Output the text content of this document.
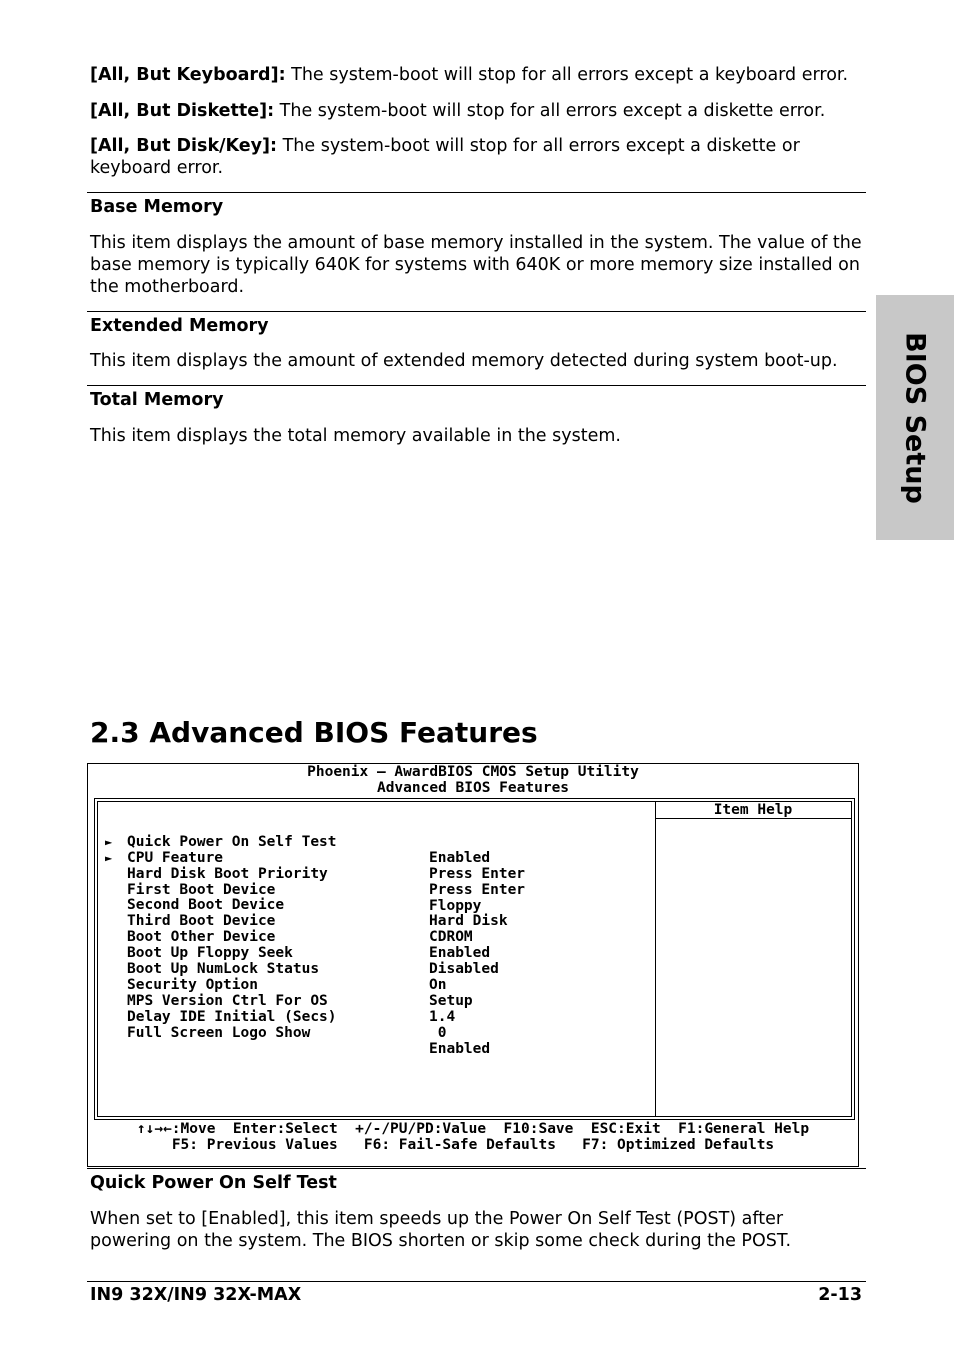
BIOS Setup

[All, But Keyboard]: The system-boot will stop for all errors except a keyboard error.

[All, But Diskette]: The system-boot will stop for all errors except a diskette error.

[All, But Disk/Key]: The system-boot will stop for all errors except a diskette or keyboard error.

Base Memory

This item displays the amount of base memory installed in the system. The value of the base memory is typically 640K for systems with 640K or more memory size installed on the motherboard.

Extended Memory

This item displays the amount of extended memory detected during system boot-up.

Total Memory

This item displays the total memory available in the system.

2.3 Advanced BIOS Features
Phoenix – AwardBIOS CMOS Setup Utility
Advanced BIOS Features
Item Help

Quick Power On Self Test

Enabled

►

CPU Feature

Press Enter

►

Hard Disk Boot Priority

Press Enter

First Boot Device

Floppy

Second Boot Device

Hard Disk

Third Boot Device

CDROM

Boot Other Device

Enabled

Boot Up Floppy Seek

Disabled

Boot Up NumLock Status

On

Security Option

Setup

MPS Version Ctrl For OS

1.4

Delay IDE Initial (Secs)

0

Full Screen Logo Show

Enabled

↑↓→←:Move  Enter:Select  +/-/PU/PD:Value  F10:Save  ESC:Exit  F1:General Help
F5: Previous Values   F6: Fail-Safe Defaults   F7: Optimized Defaults
Quick Power On Self Test

When set to [Enabled], this item speeds up the Power On Self Test (POST) after powering on the system. The BIOS shorten or skip some check during the POST.

IN9 32X/IN9 32X-MAX	2-13
